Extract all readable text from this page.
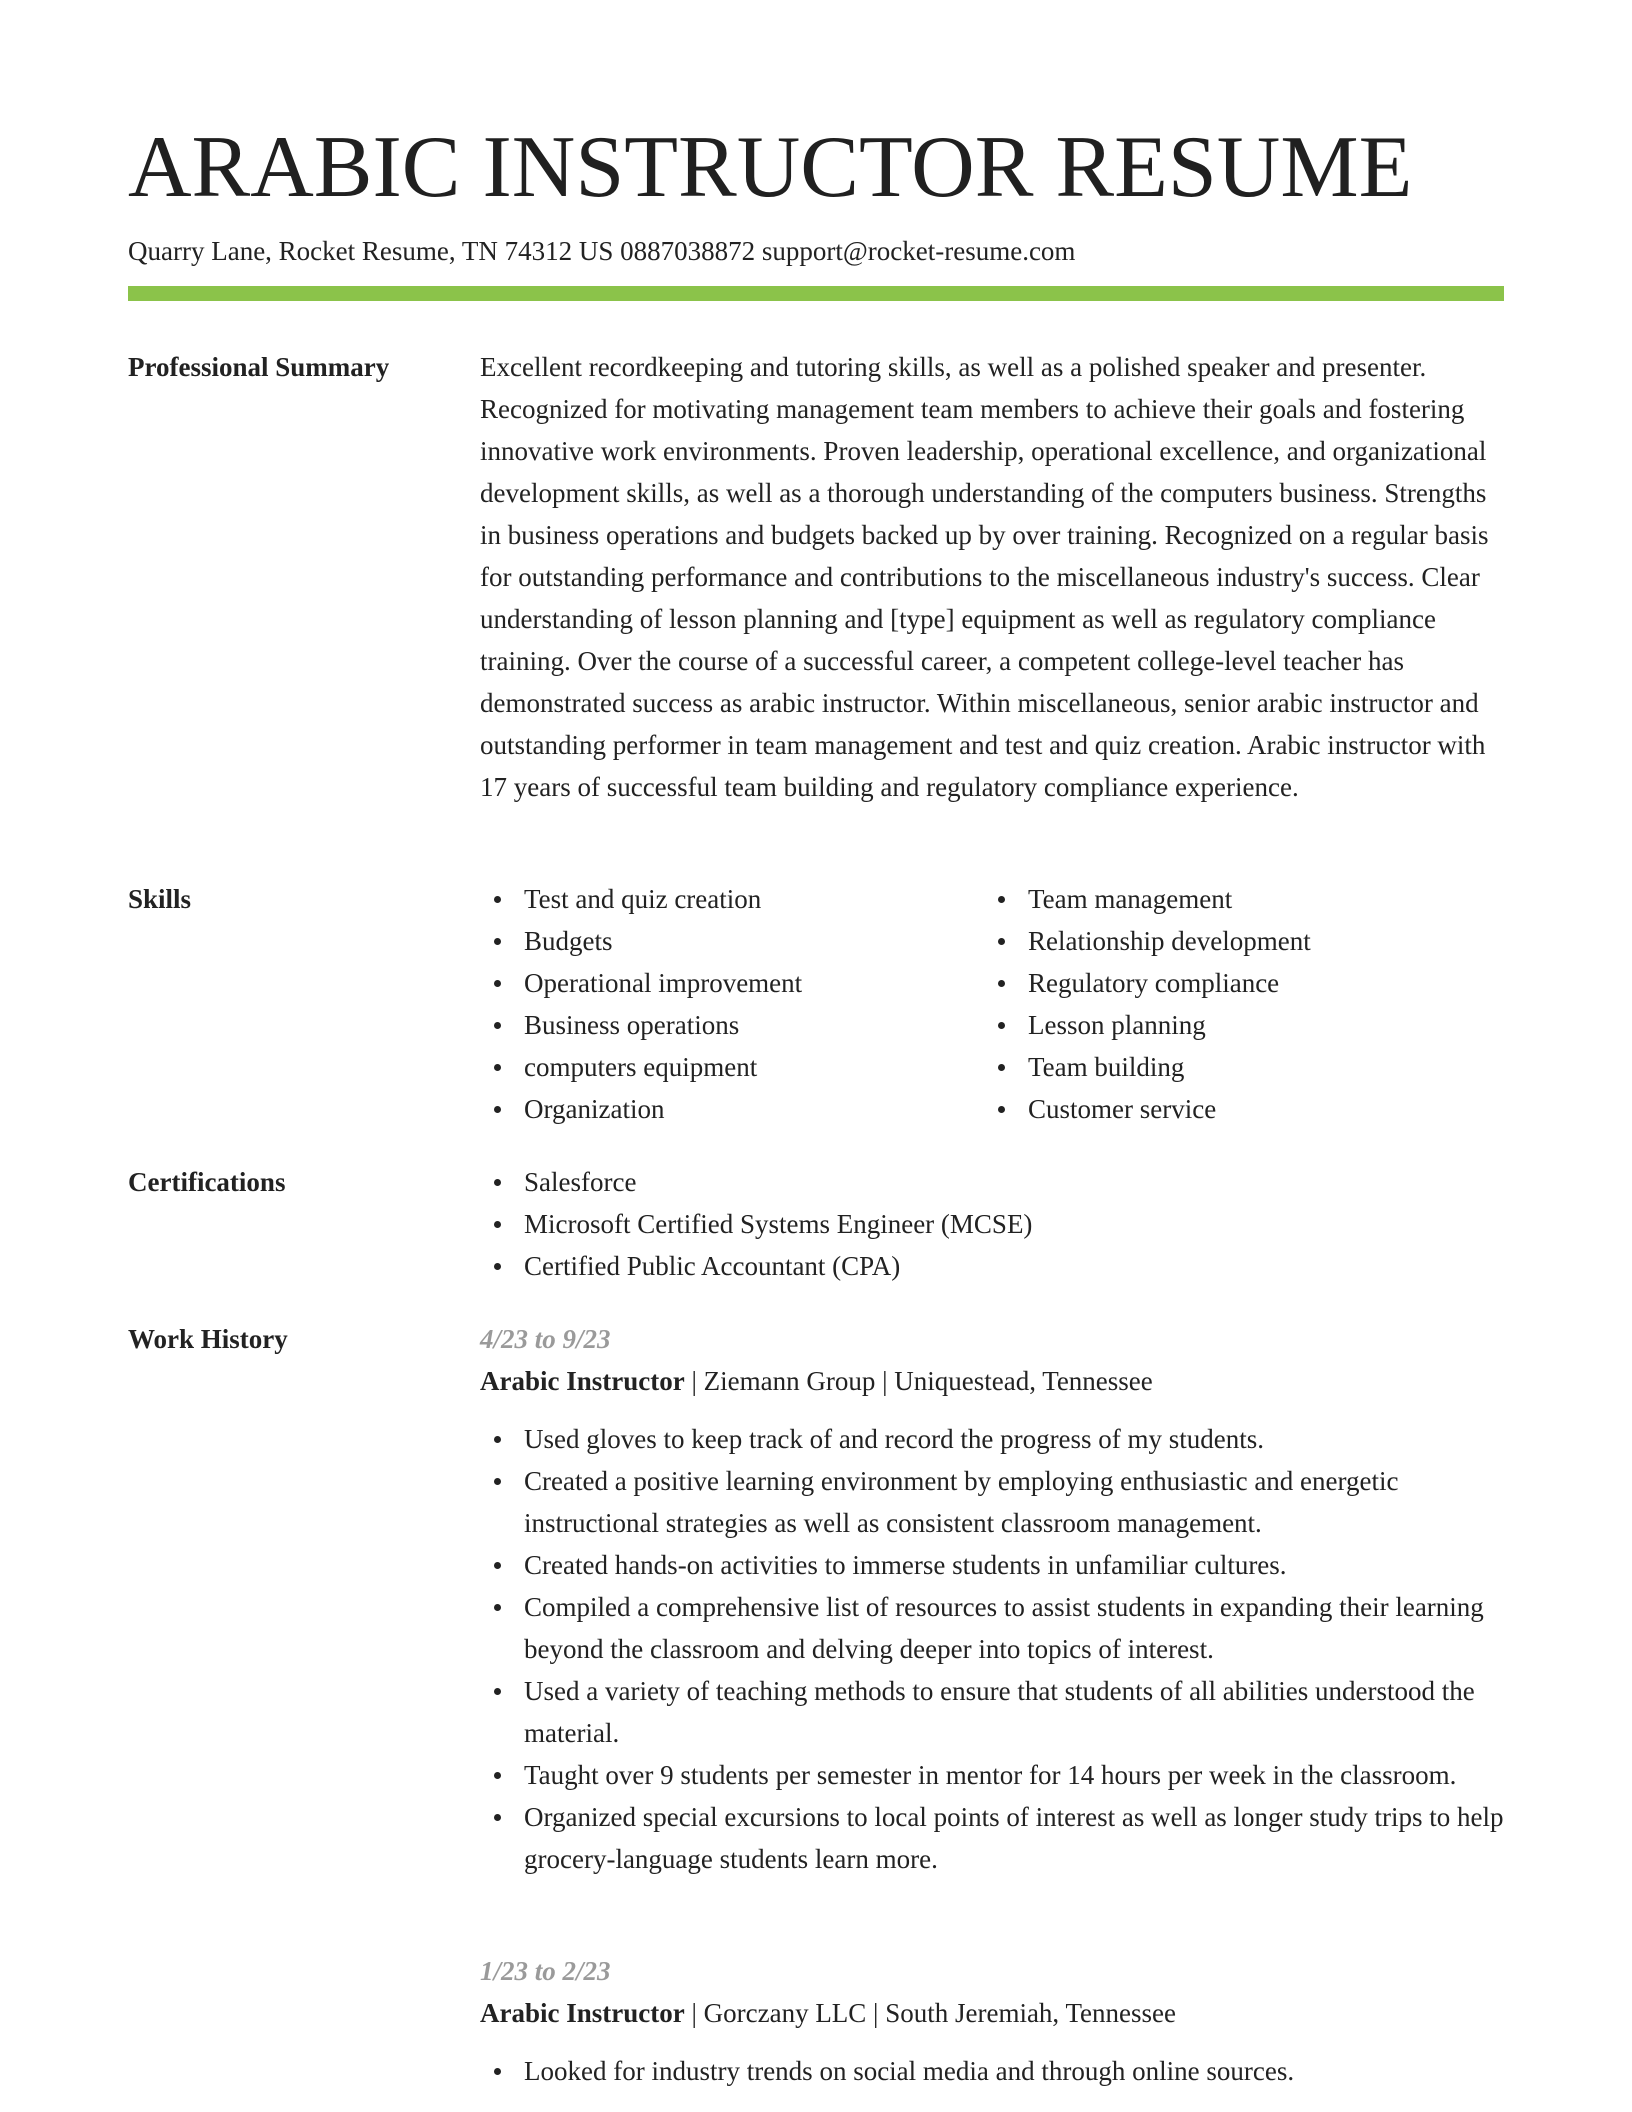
ARABIC INSTRUCTOR RESUME
Quarry Lane, Rocket Resume, TN 74312 US 0887038872 support@rocket-resume.com
Professional Summary	Excellent recordkeeping and tutoring skills, as well as a polished speaker and presenter. Recognized for motivating management team members to achieve their goals and fostering innovative work environments. Proven leadership, operational excellence, and organizational development skills, as well as a thorough understanding of the computers business. Strengths in business operations and budgets backed up by over training. Recognized on a regular basis for outstanding performance and contributions to the miscellaneous industry's success. Clear understanding of lesson planning and [type] equipment as well as regulatory compliance training. Over the course of a successful career, a competent college-level teacher has demonstrated success as arabic instructor. Within miscellaneous, senior arabic instructor and outstanding performer in team management and test and quiz creation. Arabic instructor with 17 years of successful team building and regulatory compliance experience.
Skills	Test and quiz creation
Budgets
Operational improvement
Business operations
computers equipment
Organization
Team management
Relationship development
Regulatory compliance
Lesson planning
Team building
Customer service
Certifications	Salesforce
Microsoft Certified Systems Engineer (MCSE)
Certified Public Accountant (CPA)
Work History	4/23 to 9/23
Arabic Instructor | Ziemann Group | Uniquestead, Tennessee
Used gloves to keep track of and record the progress of my students.
Created a positive learning environment by employing enthusiastic and energetic instructional strategies as well as consistent classroom management.
Created hands-on activities to immerse students in unfamiliar cultures.
Compiled a comprehensive list of resources to assist students in expanding their learning beyond the classroom and delving deeper into topics of interest.
Used a variety of teaching methods to ensure that students of all abilities understood the material.
Taught over 9 students per semester in mentor for 14 hours per week in the classroom.
Organized special excursions to local points of interest as well as longer study trips to help grocery-language students learn more.
1/23 to 2/23
Arabic Instructor | Gorczany LLC | South Jeremiah, Tennessee
Looked for industry trends on social media and through online sources.
